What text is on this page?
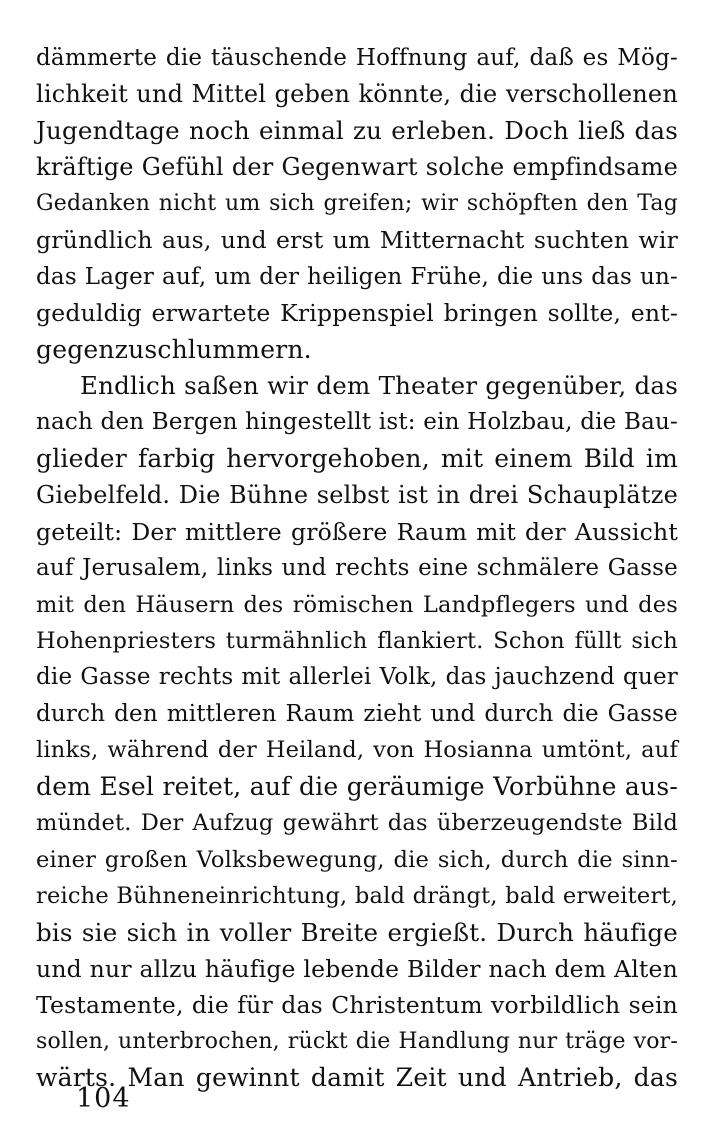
dämmerte die täuschende Hoffnung auf, daß es Mög-
lichkeit und Mittel geben könnte, die verschollenen
Jugendtage noch einmal zu erleben. Doch ließ das
kräftige Gefühl der Gegenwart solche empfindsame
Gedanken nicht um sich greifen; wir schöpften den Tag
gründlich aus, und erst um Mitternacht suchten wir
das Lager auf, um der heiligen Frühe, die uns das un-
geduldig erwartete Krippenspiel bringen sollte, ent-
gegenzuschlummern.
Endlich saßen wir dem Theater gegenüber, das
nach den Bergen hingestellt ist: ein Holzbau, die Bau-
glieder farbig hervorgehoben, mit einem Bild im
Giebelfeld. Die Bühne selbst ist in drei Schauplätze
geteilt: Der mittlere größere Raum mit der Aussicht
auf Jerusalem, links und rechts eine schmälere Gasse
mit den Häusern des römischen Landpflegers und des
Hohenpriesters turmähnlich flankiert. Schon füllt sich
die Gasse rechts mit allerlei Volk, das jauchzend quer
durch den mittleren Raum zieht und durch die Gasse
links, während der Heiland, von Hosianna umtönt, auf
dem Esel reitet, auf die geräumige Vorbühne aus-
mündet. Der Aufzug gewährt das überzeugendste Bild
einer großen Volksbewegung, die sich, durch die sinn-
reiche Bühneneinrichtung, bald drängt, bald erweitert,
bis sie sich in voller Breite ergießt. Durch häufige
und nur allzu häufige lebende Bilder nach dem Alten
Testamente, die für das Christentum vorbildlich sein
sollen, unterbrochen, rückt die Handlung nur träge vor-
wärts. Man gewinnt damit Zeit und Antrieb, das
104
